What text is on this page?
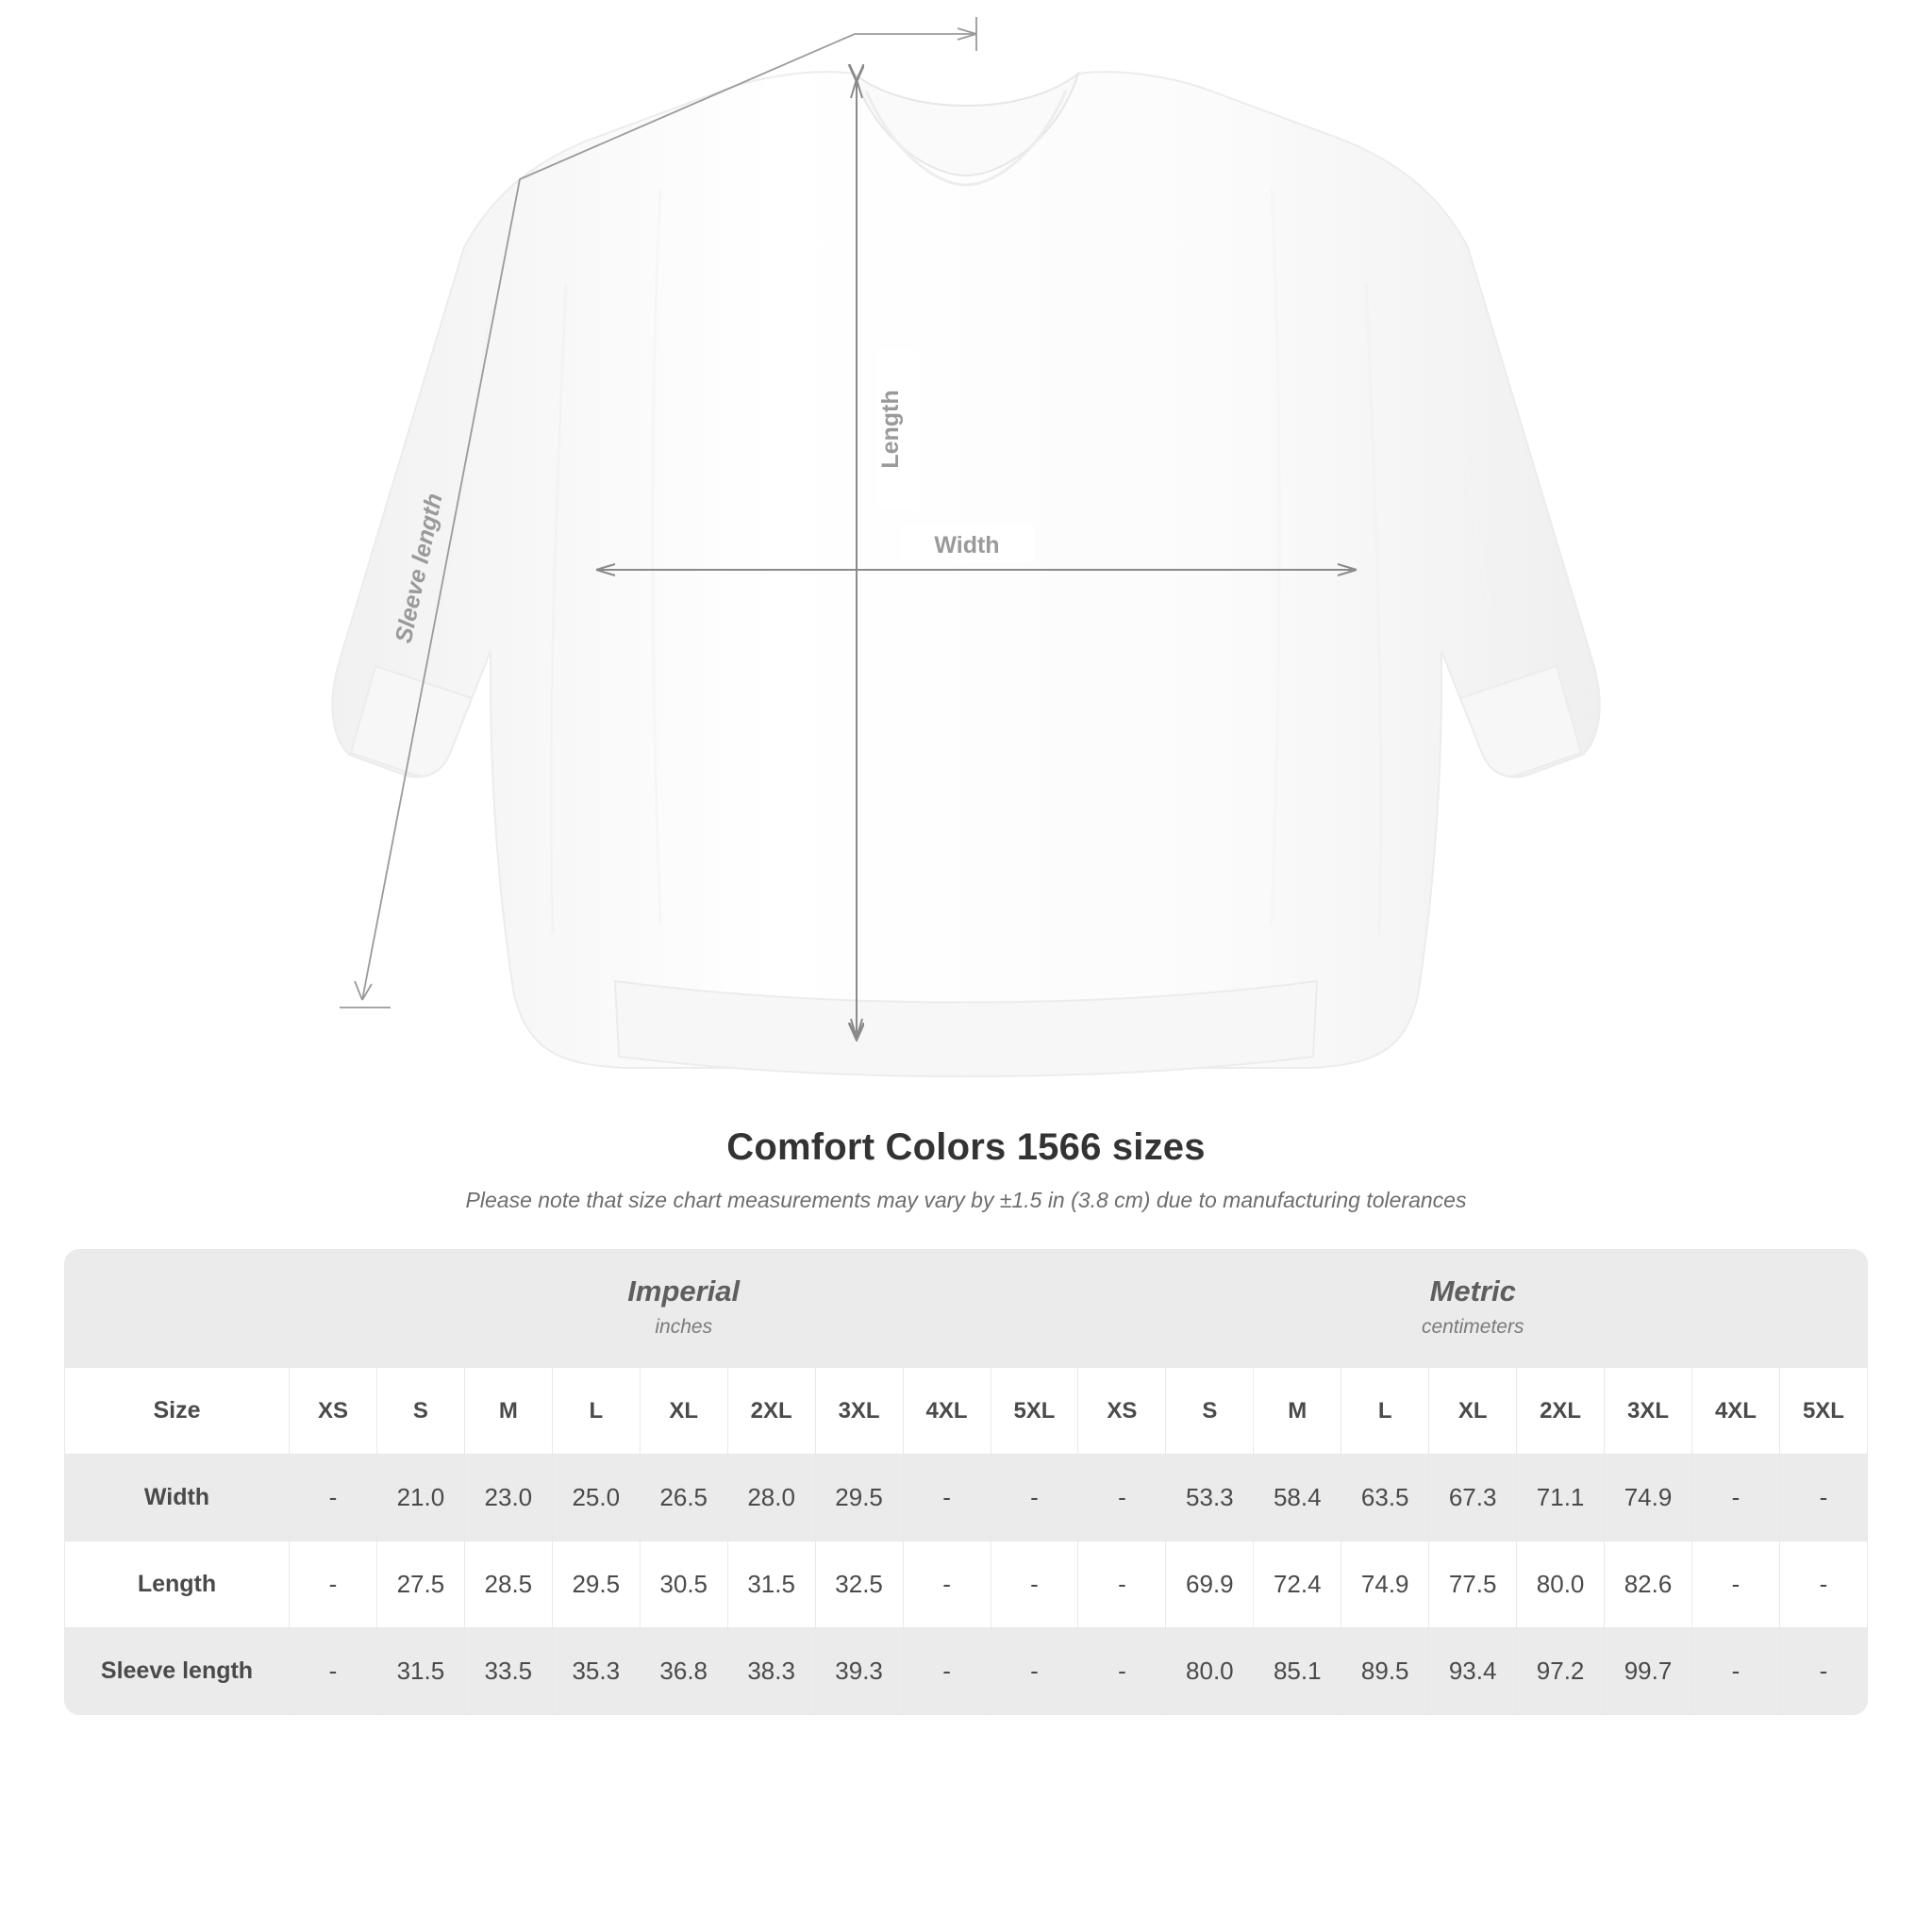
Length
Width
Sleeve length
Comfort Colors 1566 sizes
Please note that size chart measurements may vary by ±1.5 in (3.8 cm) due to manufacturing tolerances

Imperial
inches

Metric
centimeters

Size	XS	S	M	L	XL	2XL	3XL	4XL	5XL	XS	S	M	L	XL	2XL	3XL	4XL	5XL
Width	-	21.0	23.0	25.0	26.5	28.0	29.5	-	-	-	53.3	58.4	63.5	67.3	71.1	74.9	-	-
Length	-	27.5	28.5	29.5	30.5	31.5	32.5	-	-	-	69.9	72.4	74.9	77.5	80.0	82.6	-	-
Sleeve length	-	31.5	33.5	35.3	36.8	38.3	39.3	-	-	-	80.0	85.1	89.5	93.4	97.2	99.7	-	-
